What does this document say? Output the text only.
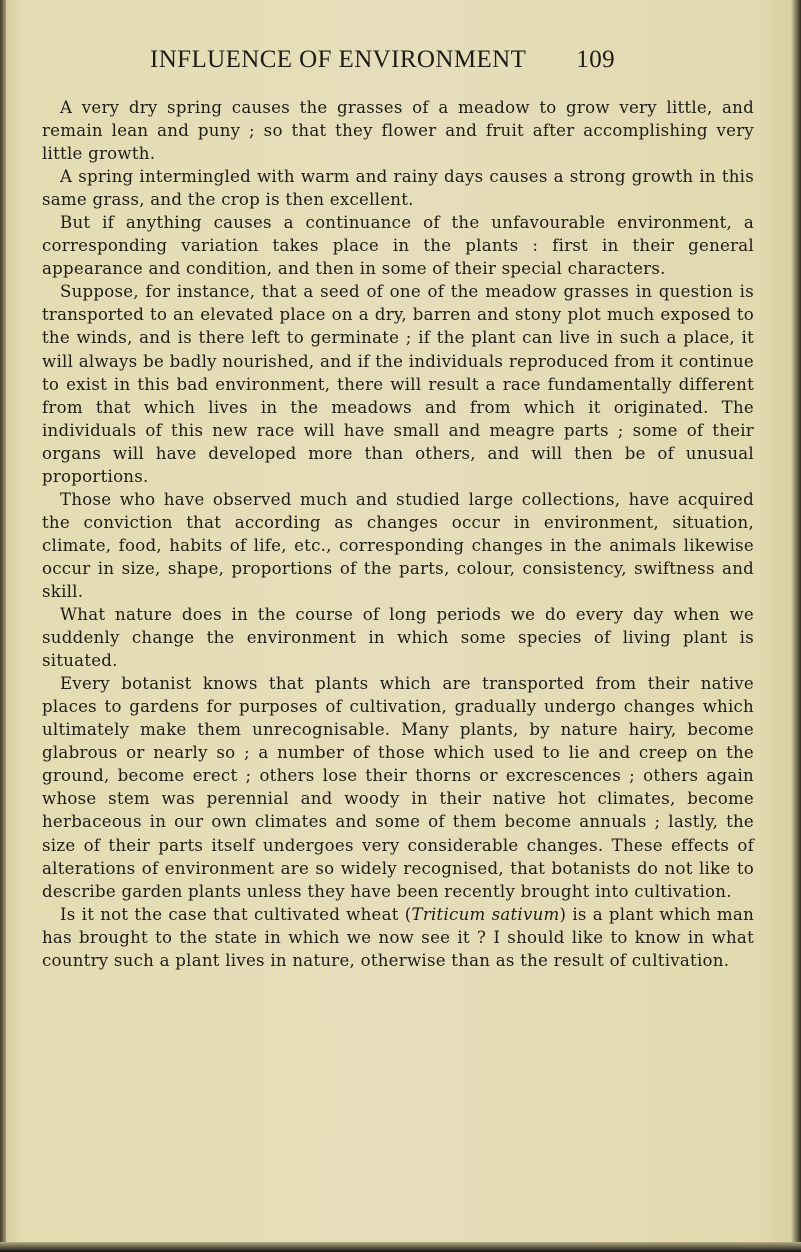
INFLUENCE OF ENVIRONMENT 109

A very dry spring causes the grasses of a meadow to grow very little, and remain lean and puny ; so that they flower and fruit after accomplishing very little growth.

A spring intermingled with warm and rainy days causes a strong growth in this same grass, and the crop is then excellent.

But if anything causes a continuance of the unfavourable environment, a corresponding variation takes place in the plants : first in their general appearance and condition, and then in some of their special characters.

Suppose, for instance, that a seed of one of the meadow grasses in question is transported to an elevated place on a dry, barren and stony plot much exposed to the winds, and is there left to germinate ; if the plant can live in such a place, it will always be badly nourished, and if the individuals reproduced from it continue to exist in this bad environment, there will result a race fundamentally different from that which lives in the meadows and from which it originated. The individuals of this new race will have small and meagre parts ; some of their organs will have developed more than others, and will then be of unusual proportions.

Those who have observed much and studied large collections, have acquired the conviction that according as changes occur in environment, situation, climate, food, habits of life, etc., corresponding changes in the animals likewise occur in size, shape, proportions of the parts, colour, consistency, swiftness and skill.

What nature does in the course of long periods we do every day when we suddenly change the environment in which some species of living plant is situated.

Every botanist knows that plants which are transported from their native places to gardens for purposes of cultivation, gradually undergo changes which ultimately make them unrecognisable. Many plants, by nature hairy, become glabrous or nearly so ; a number of those which used to lie and creep on the ground, become erect ; others lose their thorns or excrescences ; others again whose stem was perennial and woody in their native hot climates, become herbaceous in our own climates and some of them become annuals ; lastly, the size of their parts itself undergoes very considerable changes. These effects of alterations of environment are so widely recognised, that botanists do not like to describe garden plants unless they have been recently brought into cultivation.

Is it not the case that cultivated wheat (Triticum sativum) is a plant which man has brought to the state in which we now see it ? I should like to know in what country such a plant lives in nature, otherwise than as the result of cultivation.
